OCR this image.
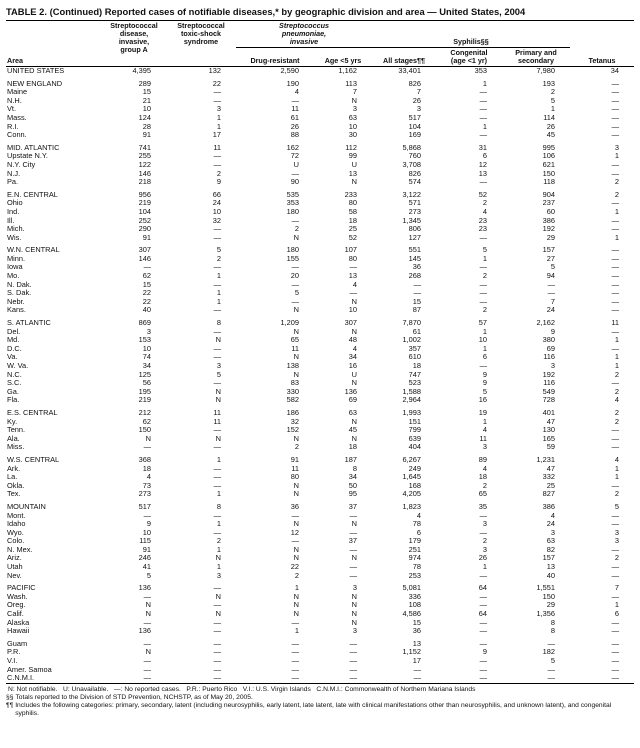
TABLE 2. (Continued) Reported cases of notifiable diseases,* by geographic division and area — United States, 2004
Area	
Streptococcal
disease,
invasive,
group A

Streptococcal
toxic-shock
syndrome

Streptococcus
pneumoniae,
invasive	Syphilis§§	Tetanus
Drug-resistant	Age <5 yrs	All stages¶¶	
Congenital
(age <1 yr)

Primary and
secondary

UNITED STATES	4,395	132	2,590	1,162	33,401	353	7,980	34

NEW ENGLAND	289	22	190	113	826	1	193	—
Maine	15	—	4	7	7	—	2	—
N.H.	21	—	—	N	26	—	5	—
Vt.	10	3	11	3	3	—	1	—
Mass.	124	1	61	63	517	—	114	—
R.I.	28	1	26	10	104	1	26	—
Conn.	91	17	88	30	169	—	45	—

MID. ATLANTIC	741	11	162	112	5,868	31	995	3
Upstate N.Y.	255	—	72	99	760	6	106	1
N.Y. City	122	—	U	U	3,708	12	621	—
N.J.	146	2	—	13	826	13	150	—
Pa.	218	9	90	N	574	—	118	2

E.N. CENTRAL	956	66	535	233	3,122	52	904	2
Ohio	219	24	353	80	571	2	237	—
Ind.	104	10	180	58	273	4	60	1
Ill.	252	32	—	18	1,345	23	386	—
Mich.	290	—	2	25	806	23	192	—
Wis.	91	—	N	52	127	—	29	1

W.N. CENTRAL	307	5	180	107	551	5	157	—
Minn.	146	2	155	80	145	1	27	—
Iowa	—	—	—	—	36	—	5	—
Mo.	62	1	20	13	268	2	94	—
N. Dak.	15	—	—	4	—	—	—	—
S. Dak.	22	1	5	—	—	—	—	—
Nebr.	22	1	—	N	15	—	7	—
Kans.	40	—	N	10	87	2	24	—

S. ATLANTIC	869	8	1,209	307	7,870	57	2,162	11
Del.	3	—	N	N	61	1	9	—
Md.	153	N	65	48	1,002	10	380	1
D.C.	10	—	11	4	357	1	69	—
Va.	74	—	N	34	610	6	116	1
W. Va.	34	3	138	16	18	—	3	1
N.C.	125	5	N	U	747	9	192	2
S.C.	56	—	83	N	523	9	116	—
Ga.	195	N	330	136	1,588	5	549	2
Fla.	219	N	582	69	2,964	16	728	4

E.S. CENTRAL	212	11	186	63	1,993	19	401	2
Ky.	62	11	32	N	151	1	47	2
Tenn.	150	—	152	45	799	4	130	—
Ala.	N	N	N	N	639	11	165	—
Miss.	—	—	2	18	404	3	59	—

W.S. CENTRAL	368	1	91	187	6,267	89	1,231	4
Ark.	18	—	11	8	249	4	47	1
La.	4	—	80	34	1,645	18	332	1
Okla.	73	—	N	50	168	2	25	—
Tex.	273	1	N	95	4,205	65	827	2

MOUNTAIN	517	8	36	37	1,823	35	386	5
Mont.	—	—	—	—	4	—	4	—
Idaho	9	1	N	N	78	3	24	—
Wyo.	10	—	12	—	6	—	3	3
Colo.	115	2	—	37	179	2	63	3
N. Mex.	91	1	N	—	251	3	82	—
Ariz.	246	N	N	N	974	26	157	2
Utah	41	1	22	—	78	1	13	—
Nev.	5	3	2	—	253	—	40	—

PACIFIC	136	—	1	3	5,081	64	1,551	7
Wash.	—	N	N	N	336	—	150	—
Oreg.	N	—	N	N	108	—	29	1
Calif.	N	N	N	N	4,586	64	1,356	6
Alaska	—	—	—	N	15	—	8	—
Hawaii	136	—	1	3	36	—	8	—

Guam	—	—	—	—	13	—	—	—
P.R.	N	—	—	—	1,152	9	182	—
V.I.	—	—	—	—	17	—	5	—
Amer. Samoa	—	—	—	—	—	—	—	—
C.N.M.I.	—	—	—	—	—	—	—	—
N: Not notifiable.   U: Unavailable.   —: No reported cases.   P.R.: Puerto Rico   V.I.: U.S. Virgin Islands   C.N.M.I.: Commonwealth of Northern Mariana Islands
§§ Totals reported to the Division of STD Prevention, NCHSTP, as of May 20, 2005.
¶¶ Includes the following categories: primary, secondary, latent (including neurosyphilis, early latent, late latent, late with clinical manifestations other than neurosyphilis, and unknown latent), and congenital syphilis.
